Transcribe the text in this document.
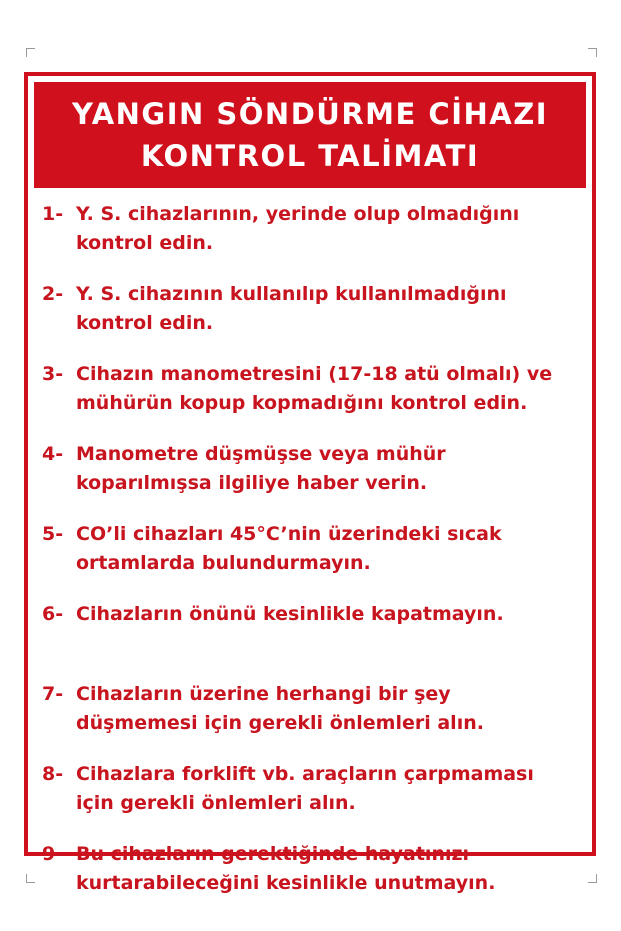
YANGIN SÖNDÜRME CİHAZI
KONTROL TALİMATI
1- Y. S. cihazlarının, yerinde olup olmadığını
kontrol edin.
2- Y. S. cihazının kullanılıp kullanılmadığını
kontrol edin.
3- Cihazın manometresini (17-18 atü olmalı) ve
mühürün kopup kopmadığını kontrol edin.
4- Manometre düşmüşse veya mühür
koparılmışsa ilgiliye haber verin.
5- CO’li cihazları 45°C’nin üzerindeki sıcak
ortamlarda bulundurmayın.
6- Cihazların önünü kesinlikle kapatmayın.
7- Cihazların üzerine herhangi bir şey
düşmemesi için gerekli önlemleri alın.
8- Cihazlara forklift vb. araçların çarpmaması
için gerekli önlemleri alın.
9- Bu cihazların gerektiğinde hayatınızı
kurtarabileceğini kesinlikle unutmayın.
